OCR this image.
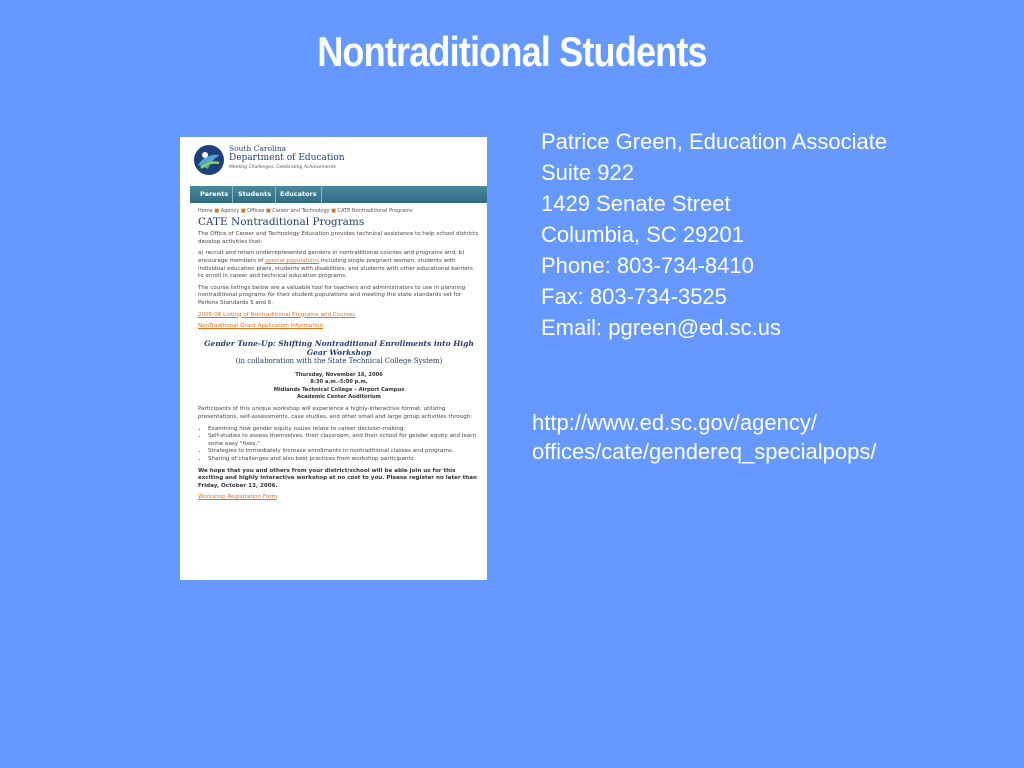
Nontraditional Students
South Carolina
Department of Education
Meeting Challenges, Celebrating Achievements
Parents	Students	Educators
Home ■ Agency ■ Offices ■ Career and Technology ■ CATE Nontraditional Programs
CATE Nontraditional Programs
The Office of Career and Technology Education provides technical assistance to help school districts develop activities that:
a) recruit and retain underrepresented genders in nontraditional courses and programs and; b) encourage members of special populations including single pregnant women, students with individual education plans, students with disabilities, and students with other educational barriers to enroll in career and technical education programs.
The course listings below are a valuable tool for teachers and administrators to use in planning nontraditional programs for their student populations and meeting the state standards set for Perkins Standards 5 and 6.
2005-06 Listing of Nontraditional Programs and Courses
NonTraditional Grant Application Information
Gender Tune-Up: Shifting Nontraditional Enrollments into High Gear Workshop
(in collaboration with the State Technical College System)
Thursday, November 16, 2006
8:30 a.m.-5:00 p.m.
Midlands Technical College – Airport Campus
Academic Center Auditorium
Participants of this unique workshop will experience a highly-interactive format, utilizing presentations, self-assessments, case studies, and other small and large group activities through:
• Examining how gender equity issues relate to career decision-making.
• Self-studies to assess themselves, their classroom, and their school for gender equity and learn some easy "fixes."
• Strategies to immediately increase enrollments in nontraditional classes and programs.
• Sharing of challenges and also best practices from workshop participants.
We hope that you and others from your district/school will be able join us for this exciting and highly interactive workshop at no cost to you. Please register no later than Friday, October 13, 2006.
Workshop Registration Form
Patrice Green, Education Associate
Suite 922
1429 Senate Street
Columbia, SC 29201
Phone: 803-734-8410
Fax: 803-734-3525
Email: pgreen@ed.sc.us
http://www.ed.sc.gov/agency/
offices/cate/gendereq_specialpops/
